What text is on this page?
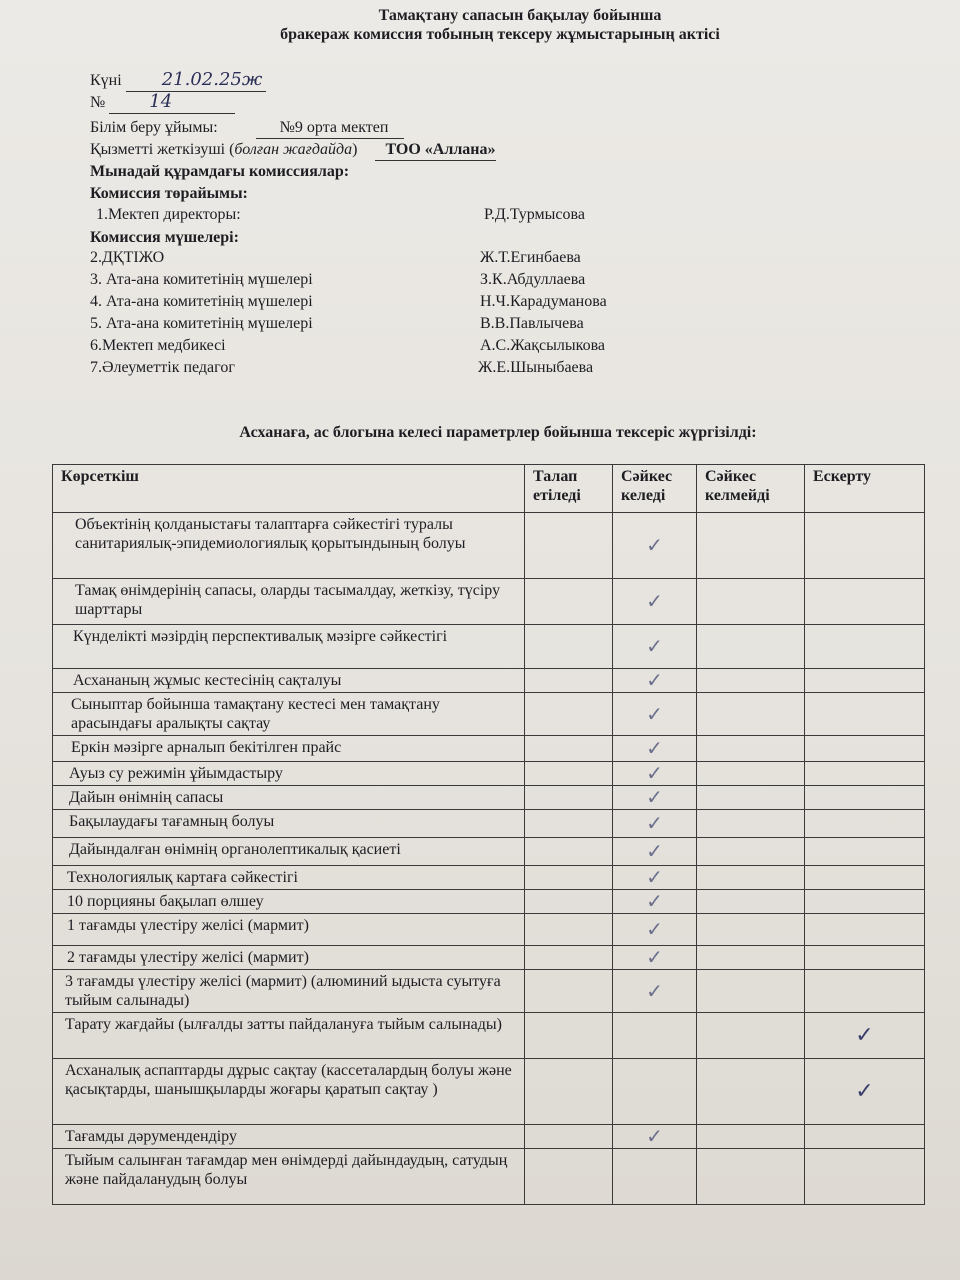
Тамақтану сапасын бақылау бойынша
бракераж комиссия тобының тексеру жұмыстарының актісі
Күні 21.02.25ж
№ 14
Білім беру ұйымы:	№9 орта мектеп
Қызметті жеткізуші (болған жағдайда) ТОО «Аллана»
Мынадай құрамдағы комиссиялар:
Комиссия төрайымы:
1.Мектеп директоры:	Р.Д.Турмысова
Комиссия мүшелері:
2.ДҚТІЖО	Ж.Т.Егинбаева
3. Ата-ана комитетінің мүшелері	З.К.Абдуллаева
4. Ата-ана комитетінің мүшелері	Н.Ч.Карадуманова
5. Ата-ана комитетінің мүшелері	В.В.Павлычева
6.Мектеп медбикесі	А.С.Жақсылыкова
7.Әлеуметтік педагог	Ж.Е.Шыныбаева
Асханаға, ас блогына келесі параметрлер бойынша тексеріс жүргізілді:
Көрсеткіш	Талап етіледі	Сәйкес келеді	Сәйкес келмейді	Ескерту
Объектінің қолданыстағы талаптарға сәйкестігі туралы санитариялық-эпидемиологиялық қорытындының болуы		✓		
Тамақ өнімдерінің сапасы, оларды тасымалдау, жеткізу, түсіру шарттары		✓		
Күнделікті мәзірдің перспективалық мәзірге сәйкестігі		✓		
Асхананың жұмыс кестесінің сақталуы		✓		
Сыныптар бойынша тамақтану кестесі мен тамақтану арасындағы аралықты сақтау		✓		
Еркін мәзірге арналып бекітілген прайс		✓		
Ауыз су режимін ұйымдастыру		✓		
Дайын өнімнің сапасы		✓		
Бақылаудағы тағамның болуы		✓		
Дайындалған өнімнің органолептикалық қасиеті		✓		
Технологиялық картаға сәйкестігі		✓		
10 порцияны бақылап өлшеу		✓		
1 тағамды үлестіру желісі (мармит)		✓		
2 тағамды үлестіру желісі (мармит)		✓		
3 тағамды үлестіру желісі (мармит) (алюминий ыдыста суытуға тыйым салынады)		✓		
Тарату жағдайы (ылғалды затты пайдалануға тыйым салынады)				✓
Асханалық аспаптарды дұрыс сақтау (кассеталардың болуы және қасықтарды, шанышқыларды жоғары қаратып сақтау )				✓
Тағамды дәрумендендіру		✓		
Тыйым салынған тағамдар мен өнімдерді дайындаудың, сатудың және пайдаланудың болуы				
